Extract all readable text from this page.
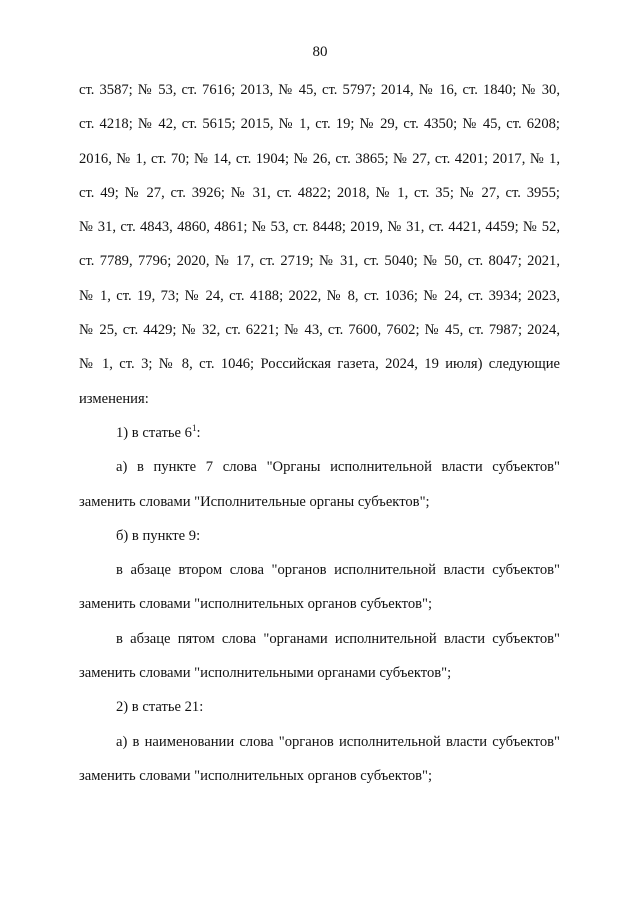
80
ст. 3587; № 53, ст. 7616; 2013, № 45, ст. 5797; 2014, № 16, ст. 1840; № 30,
ст. 4218; № 42, ст. 5615; 2015, № 1, ст. 19; № 29, ст. 4350; № 45, ст. 6208;
2016, № 1, ст. 70; № 14, ст. 1904; № 26, ст. 3865; № 27, ст. 4201; 2017, № 1,
ст. 49; № 27, ст. 3926; № 31, ст. 4822; 2018, № 1, ст. 35; № 27, ст. 3955;
№ 31, ст. 4843, 4860, 4861; № 53, ст. 8448; 2019, № 31, ст. 4421, 4459; № 52,
ст. 7789, 7796; 2020, № 17, ст. 2719; № 31, ст. 5040; № 50, ст. 8047; 2021,
№ 1, ст. 19, 73; № 24, ст. 4188; 2022, № 8, ст. 1036; № 24, ст. 3934; 2023,
№ 25, ст. 4429; № 32, ст. 6221; № 43, ст. 7600, 7602; № 45, ст. 7987; 2024,
№ 1, ст. 3; № 8, ст. 1046; Российская газета, 2024, 19 июля) следующие
изменения:
1) в статье $6^1$:
а) в пункте 7 слова "Органы исполнительной власти субъектов"
заменить словами "Исполнительные органы субъектов";
б) в пункте 9:
в абзаце втором слова "органов исполнительной власти субъектов"
заменить словами "исполнительных органов субъектов";
в абзаце пятом слова "органами исполнительной власти субъектов"
заменить словами "исполнительными органами субъектов";
2) в статье 21:
а) в наименовании слова "органов исполнительной власти субъектов"
заменить словами "исполнительных органов субъектов";
